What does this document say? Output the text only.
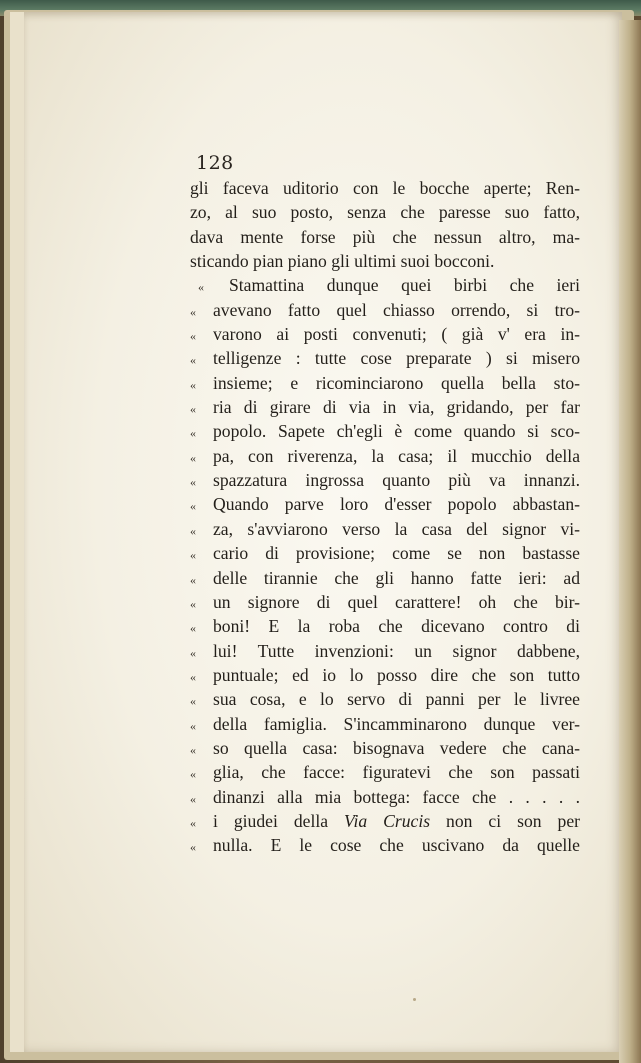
128
gli faceva uditorio con le bocche aperte; Ren-
zo, al suo posto, senza che paresse suo fatto,
dava mente forse più che nessun altro, ma-
sticando pian piano gli ultimi suoi bocconi.
«	Stamattina dunque quei birbi che ieri
« avevano fatto quel chiasso orrendo, si tro-
« varono ai posti convenuti; ( già v' era in-
« telligenze : tutte cose preparate ) si misero
« insieme; e ricominciarono quella bella sto-
« ria di girare di via in via, gridando, per far
« popolo. Sapete ch'egli è come quando si sco-
« pa, con riverenza, la casa; il mucchio della
« spazzatura ingrossa quanto più va innanzi.
« Quando parve loro d'esser popolo abbastan-
« za, s'avviarono verso la casa del signor vi-
« cario di provisione; come se non bastasse
« delle tirannie che gli hanno fatte ieri: ad
« un signore di quel carattere! oh che bir-
« boni! E la roba che dicevano contro di
« lui! Tutte invenzioni: un signor dabbene,
« puntuale; ed io lo posso dire che son tutto
« sua cosa, e lo servo di panni per le livree
« della famiglia. S'incamminarono dunque ver-
« so quella casa: bisognava vedere che cana-
« glia, che facce: figuratevi che son passati
« dinanzi alla mia bottega: facce che . . . . .
« i giudei della Via Crucis non ci son per
« nulla. E le cose che uscivano da quelle
